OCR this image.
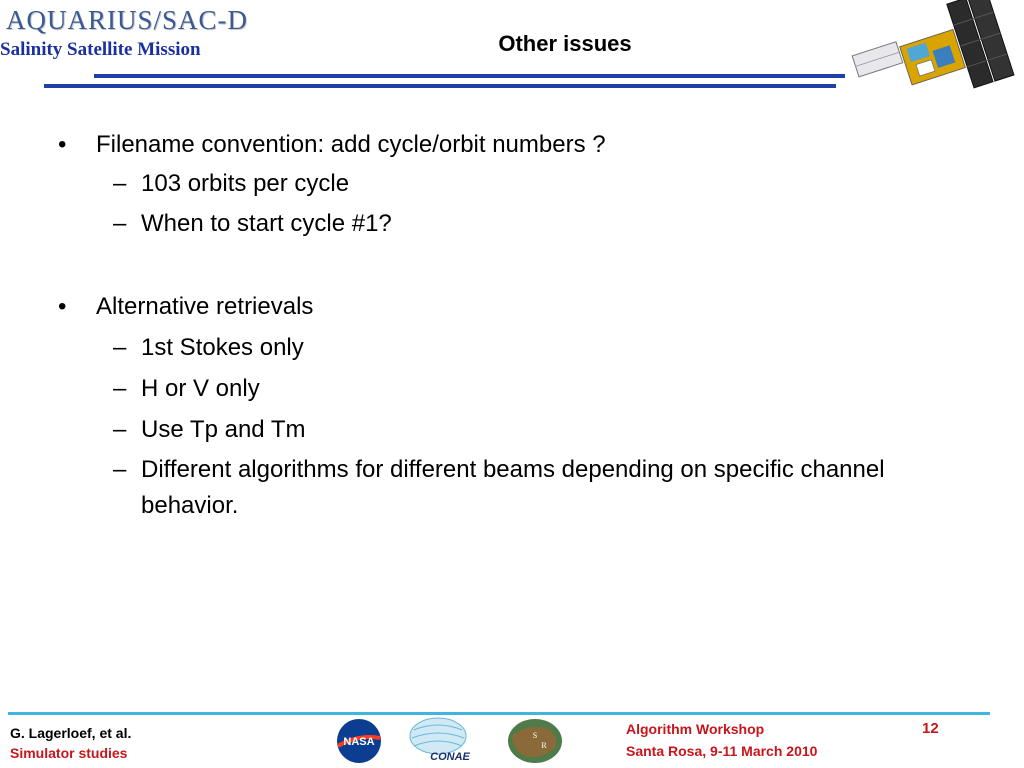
AQUARIUS/SAC-D
Salinity Satellite Mission	Other issues
• Filename convention: add cycle/orbit numbers ?
– 103 orbits per cycle
– When to start cycle #1?
• Alternative retrievals
– 1st Stokes only
– H or V only
– Use Tp and Tm
– Different algorithms for different beams depending on specific channel behavior.
G. Lagerloef, et al.
Simulator studies
NASA
CONAE
S
R
Algorithm Workshop
Santa Rosa, 9-11 March 2010
12
